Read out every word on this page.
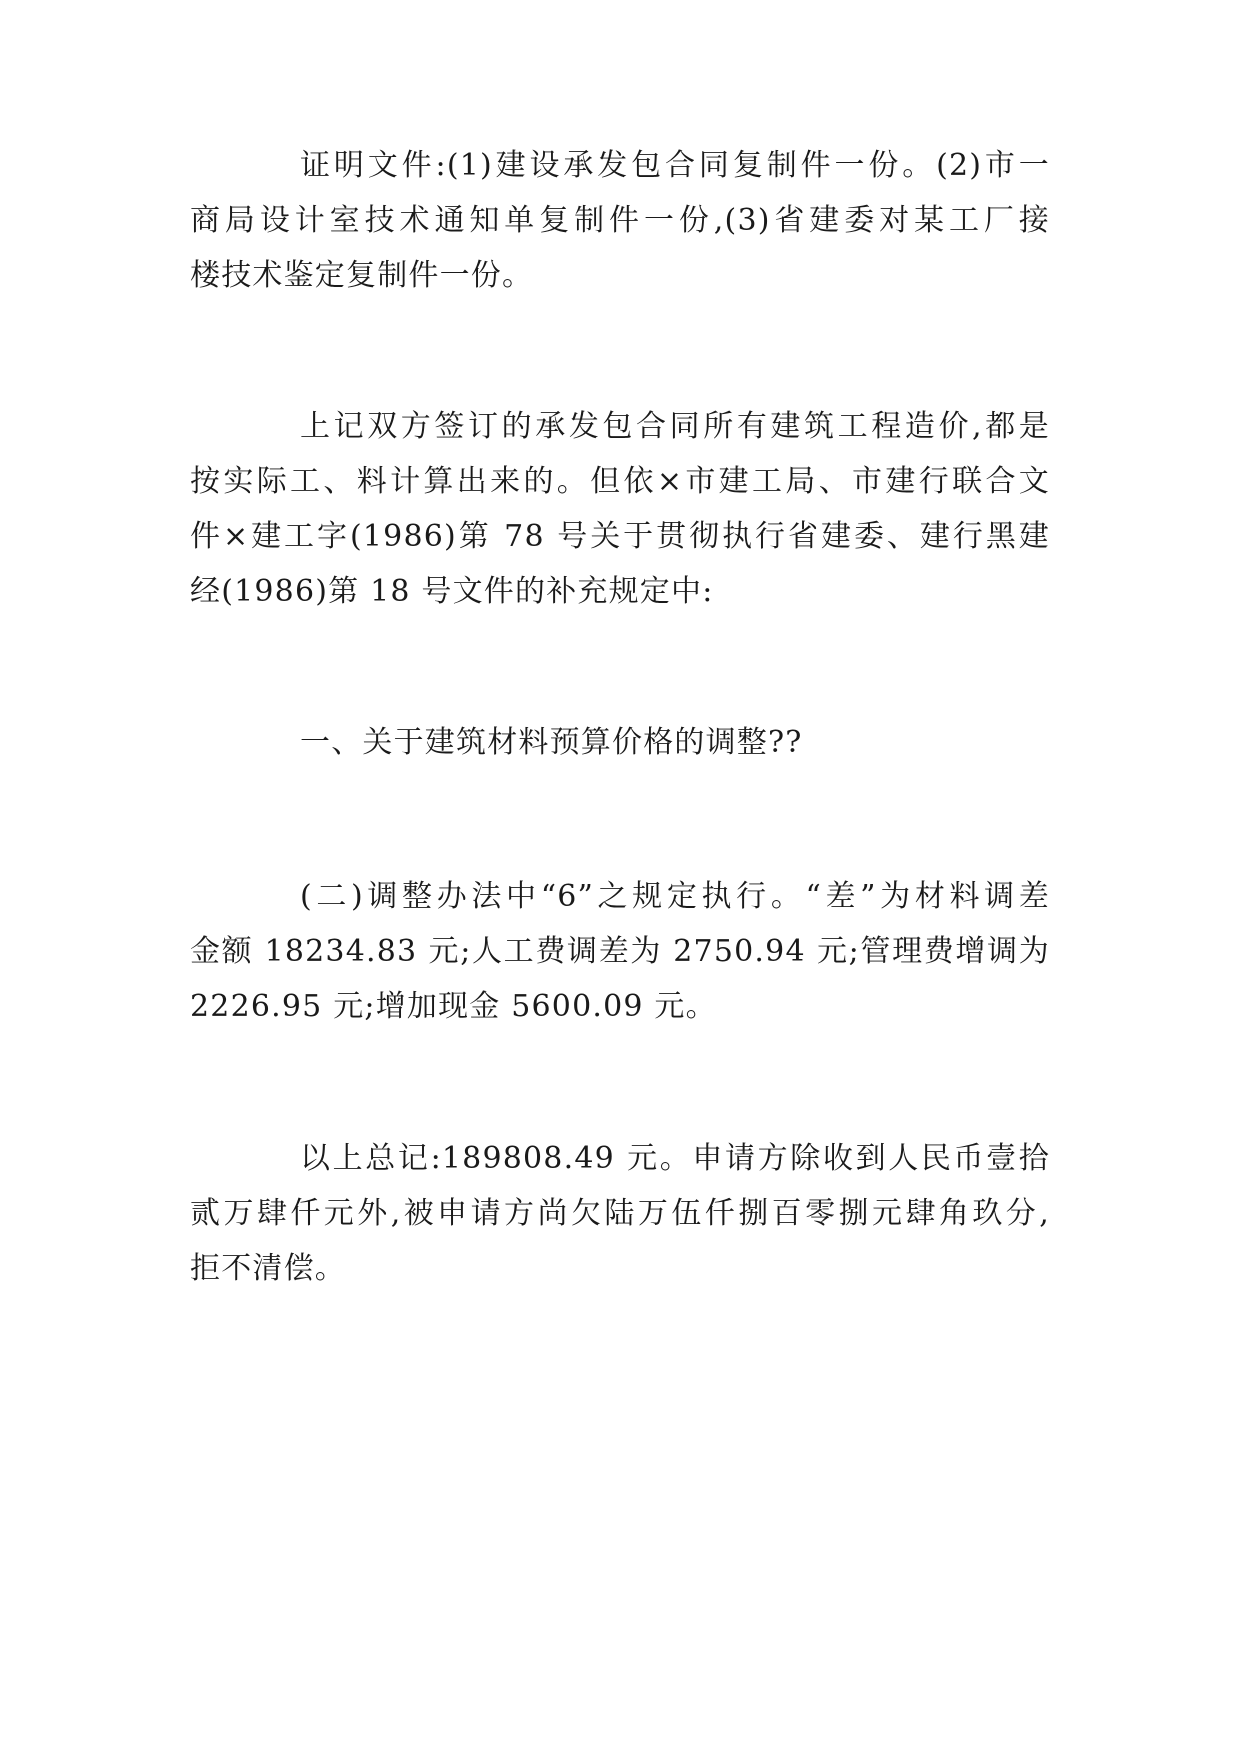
证明文件:(1)建设承发包合同复制件一份。(2)市一
商局设计室技术通知单复制件一份,(3)省建委对某工厂接
楼技术鉴定复制件一份。
上记双方签订的承发包合同所有建筑工程造价,都是
按实际工、料计算出来的。但依×市建工局、市建行联合文
件×建工字(1986)第 78 号关于贯彻执行省建委、建行黑建
经(1986)第 18 号文件的补充规定中:
一、关于建筑材料预算价格的调整??
(二)调整办法中“6”之规定执行。“差”为材料调差
金额 18234.83 元;人工费调差为 2750.94 元;管理费增调为
2226.95 元;增加现金 5600.09 元。
以上总记:189808.49 元。申请方除收到人民币壹拾
贰万肆仟元外,被申请方尚欠陆万伍仟捌百零捌元肆角玖分,
拒不清偿。
